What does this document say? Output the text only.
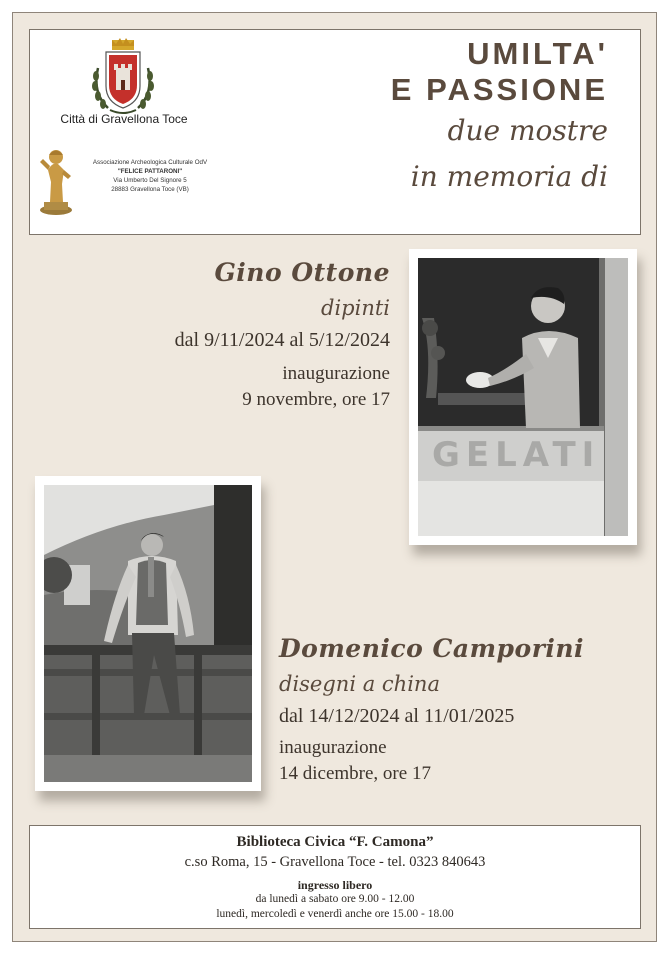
Città di Gravellona Toce
Associazione Archeologica Culturale OdV
"FELICE PATTARONI"
Via Umberto Del Signore 5
28883 Gravellona Toce (VB)
UMILTA'
E PASSIONE
due mostre
in memoria di
GELATI
Gino Ottone
dipinti
dal 9/11/2024 al 5/12/2024
inaugurazione
9 novembre, ore 17
Domenico Camporini
disegni a china
dal 14/12/2024 al 11/01/2025
inaugurazione
14 dicembre, ore 17
Biblioteca Civica “F. Camona”
c.so Roma, 15 - Gravellona Toce - tel. 0323 840643
ingresso libero
da lunedì a sabato ore 9.00 - 12.00
lunedì, mercoledì e venerdì anche ore 15.00 - 18.00
